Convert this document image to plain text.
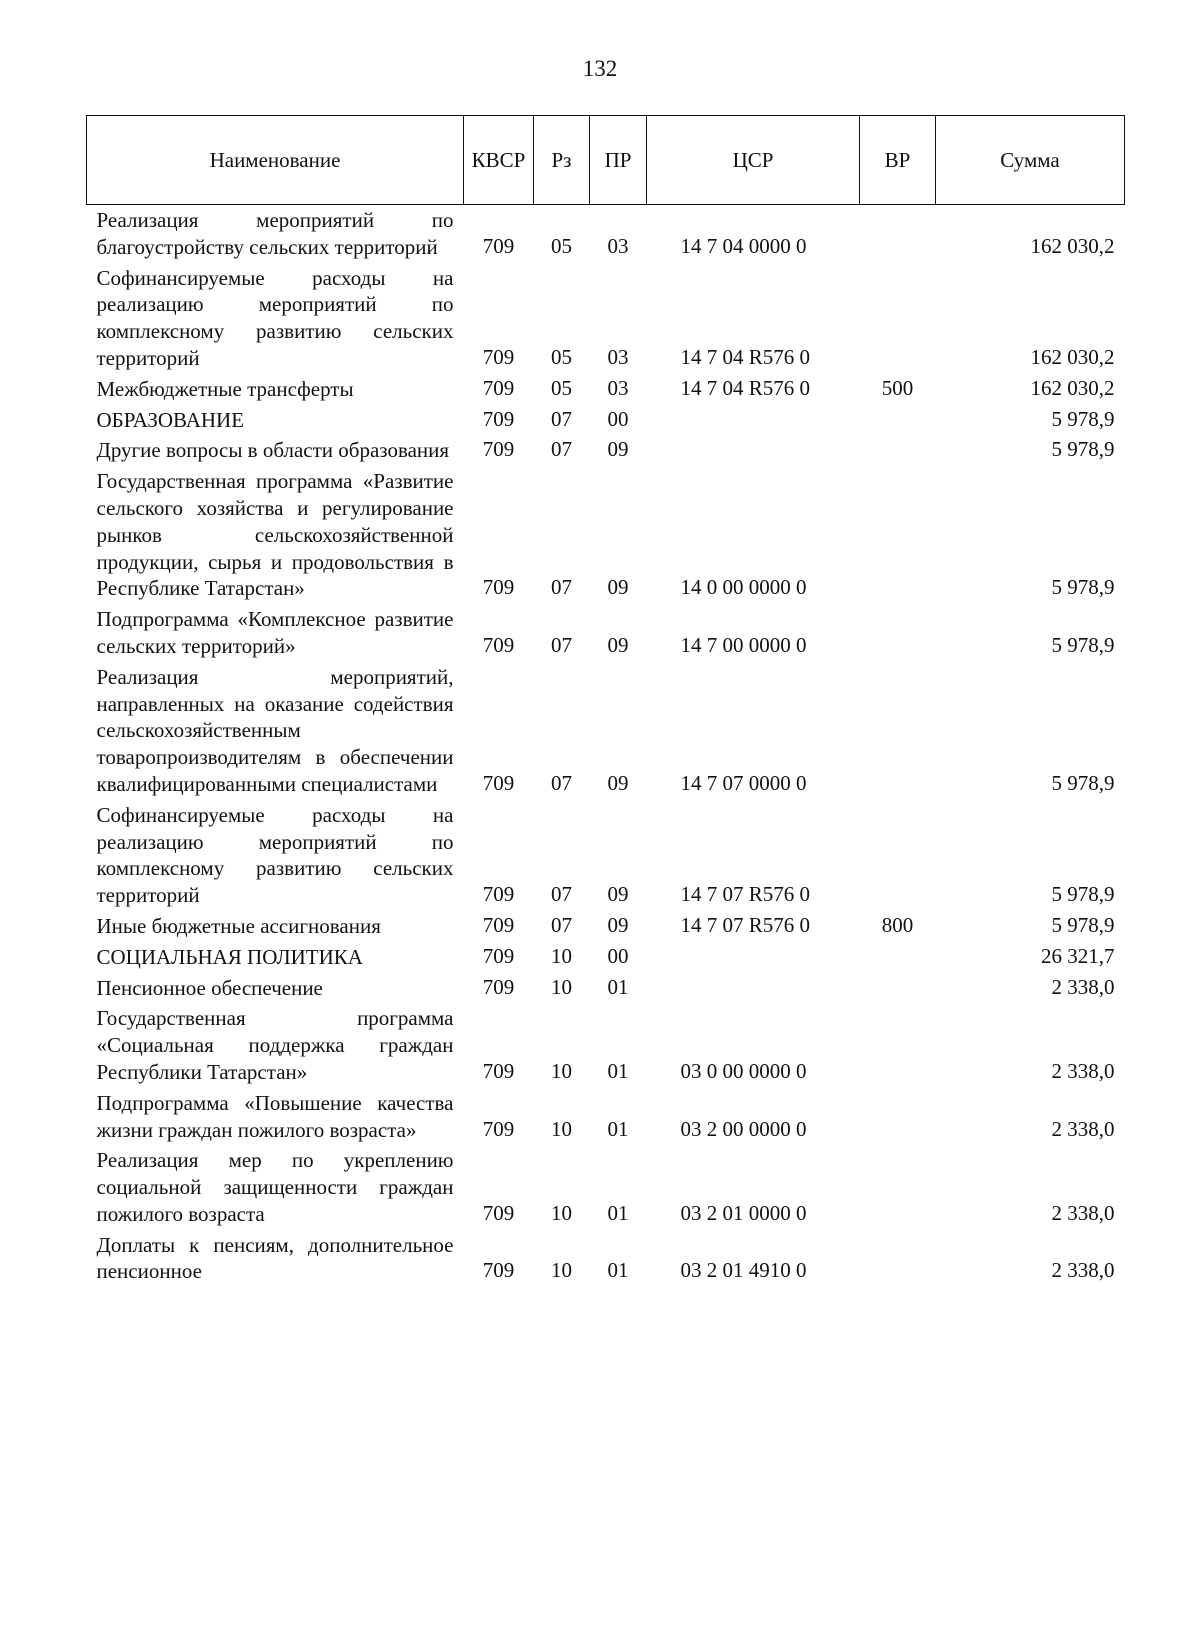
132
Наименование	КВСР	Рз	ПР	ЦСР	ВР	Сумма
Реализация мероприятий по благоустройству сельских территорий	709	05	03	14 7 04 0000 0		162 030,2
Софинансируемые расходы на реализацию мероприятий по комплексному развитию сельских территорий	709	05	03	14 7 04 R576 0		162 030,2
Межбюджетные трансферты	709	05	03	14 7 04 R576 0	500	162 030,2
ОБРАЗОВАНИЕ	709	07	00			5 978,9
Другие вопросы в области образования	709	07	09			5 978,9
Государственная программа «Развитие сельского хозяйства и регулирование рынков сельскохозяйственной продукции, сырья и продовольствия в Республике Татарстан»	709	07	09	14 0 00 0000 0		5 978,9
Подпрограмма «Комплексное развитие сельских территорий»	709	07	09	14 7 00 0000 0		5 978,9
Реализация мероприятий, направленных на оказание содействия сельскохозяйственным товаропроизводителям в обеспечении квалифицированными специалистами	709	07	09	14 7 07 0000 0		5 978,9
Софинансируемые расходы на реализацию мероприятий по комплексному развитию сельских территорий	709	07	09	14 7 07 R576 0		5 978,9
Иные бюджетные ассигнования	709	07	09	14 7 07 R576 0	800	5 978,9
СОЦИАЛЬНАЯ ПОЛИТИКА	709	10	00			26 321,7
Пенсионное обеспечение	709	10	01			2 338,0
Государственная программа «Социальная поддержка граждан Республики Татарстан»	709	10	01	03 0 00 0000 0		2 338,0
Подпрограмма «Повышение качества жизни граждан пожилого возраста»	709	10	01	03 2 00 0000 0		2 338,0
Реализация мер по укреплению социальной защищенности граждан пожилого возраста	709	10	01	03 2 01 0000 0		2 338,0
Доплаты к пенсиям, дополнительное пенсионное	709	10	01	03 2 01 4910 0		2 338,0
